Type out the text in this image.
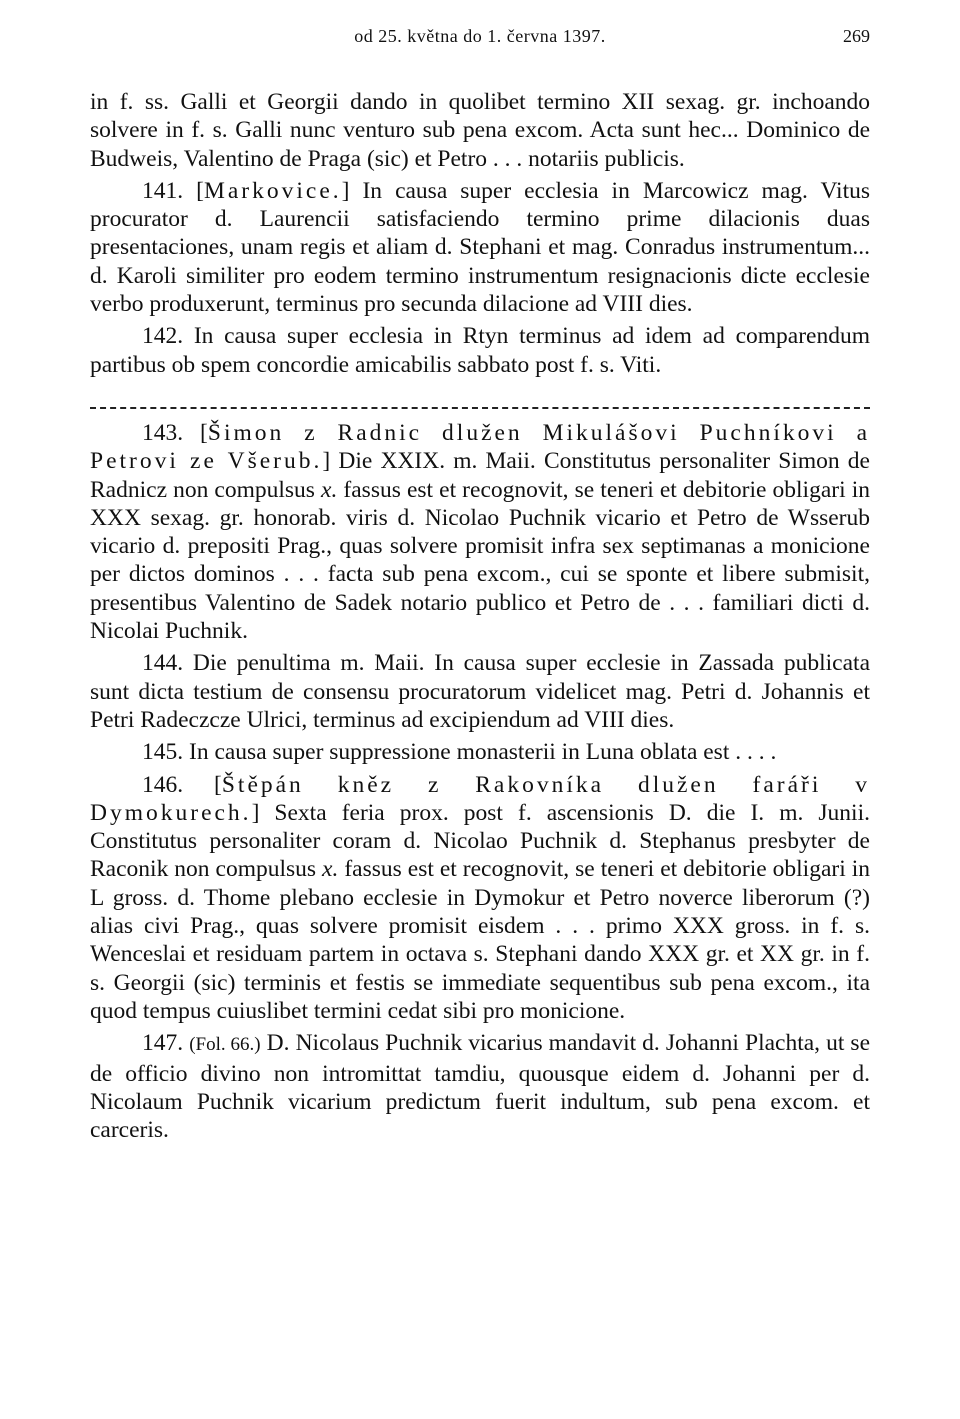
od 25. května do 1. června 1397.	269

in f. ss. Galli et Georgii dando in quolibet termino XII sexag. gr. inchoando solvere in f. s. Galli nunc venturo sub pena excom. Acta sunt hec... Dominico de Budweis, Valentino de Praga (sic) et Petro . . . notariis publicis.

141. [Markovice.] In causa super ecclesia in Marcowicz mag. Vitus procurator d. Laurencii satisfaciendo termino prime dilacionis duas presentaciones, unam regis et aliam d. Stephani et mag. Conradus instrumentum... d. Karoli similiter pro eodem termino instrumentum resignacionis dicte ecclesie verbo produxerunt, terminus pro secunda dilacione ad VIII dies.

142. In causa super ecclesia in Rtyn terminus ad idem ad comparendum partibus ob spem concordie amicabilis sabbato post f. s. Viti.

143. [Šimon z Radnic dlužen Mikulášovi Puchníkovi a Petrovi ze Všerub.] Die XXIX. m. Maii. Constitutus personaliter Simon de Radnicz non compulsus x. fassus est et recognovit, se teneri et debitorie obligari in XXX sexag. gr. honorab. viris d. Nicolao Puchnik vicario et Petro de Wsserub vicario d. prepositi Prag., quas solvere promisit infra sex septimanas a monicione per dictos dominos . . . facta sub pena excom., cui se sponte et libere submisit, presentibus Valentino de Sadek notario publico et Petro de . . . familiari dicti d. Nicolai Puchnik.

144. Die penultima m. Maii. In causa super ecclesie in Zassada publicata sunt dicta testium de consensu procuratorum videlicet mag. Petri d. Johannis et Petri Radeczcze Ulrici, terminus ad excipiendum ad VIII dies.

145. In causa super suppressione monasterii in Luna oblata est . . . .

146. [Štěpán kněz z Rakovníka dlužen faráři v Dymokurech.] Sexta feria prox. post f. ascensionis D. die I. m. Junii. Constitutus personaliter coram d. Nicolao Puchnik d. Stephanus presbyter de Raconik non compulsus x. fassus est et recognovit, se teneri et debitorie obligari in L gross. d. Thome plebano ecclesie in Dymokur et Petro noverce liberorum (?) alias civi Prag., quas solvere promisit eisdem . . . primo XXX gross. in f. s. Wenceslai et residuam partem in octava s. Stephani dando XXX gr. et XX gr. in f. s. Georgii (sic) terminis et festis se immediate sequentibus sub pena excom., ita quod tempus cuiuslibet termini cedat sibi pro monicione.

147. (Fol. 66.) D. Nicolaus Puchnik vicarius mandavit d. Johanni Plachta, ut se de officio divino non intromittat tamdiu, quousque eidem d. Johanni per d. Nicolaum Puchnik vicarium predictum fuerit indultum, sub pena excom. et carceris.
